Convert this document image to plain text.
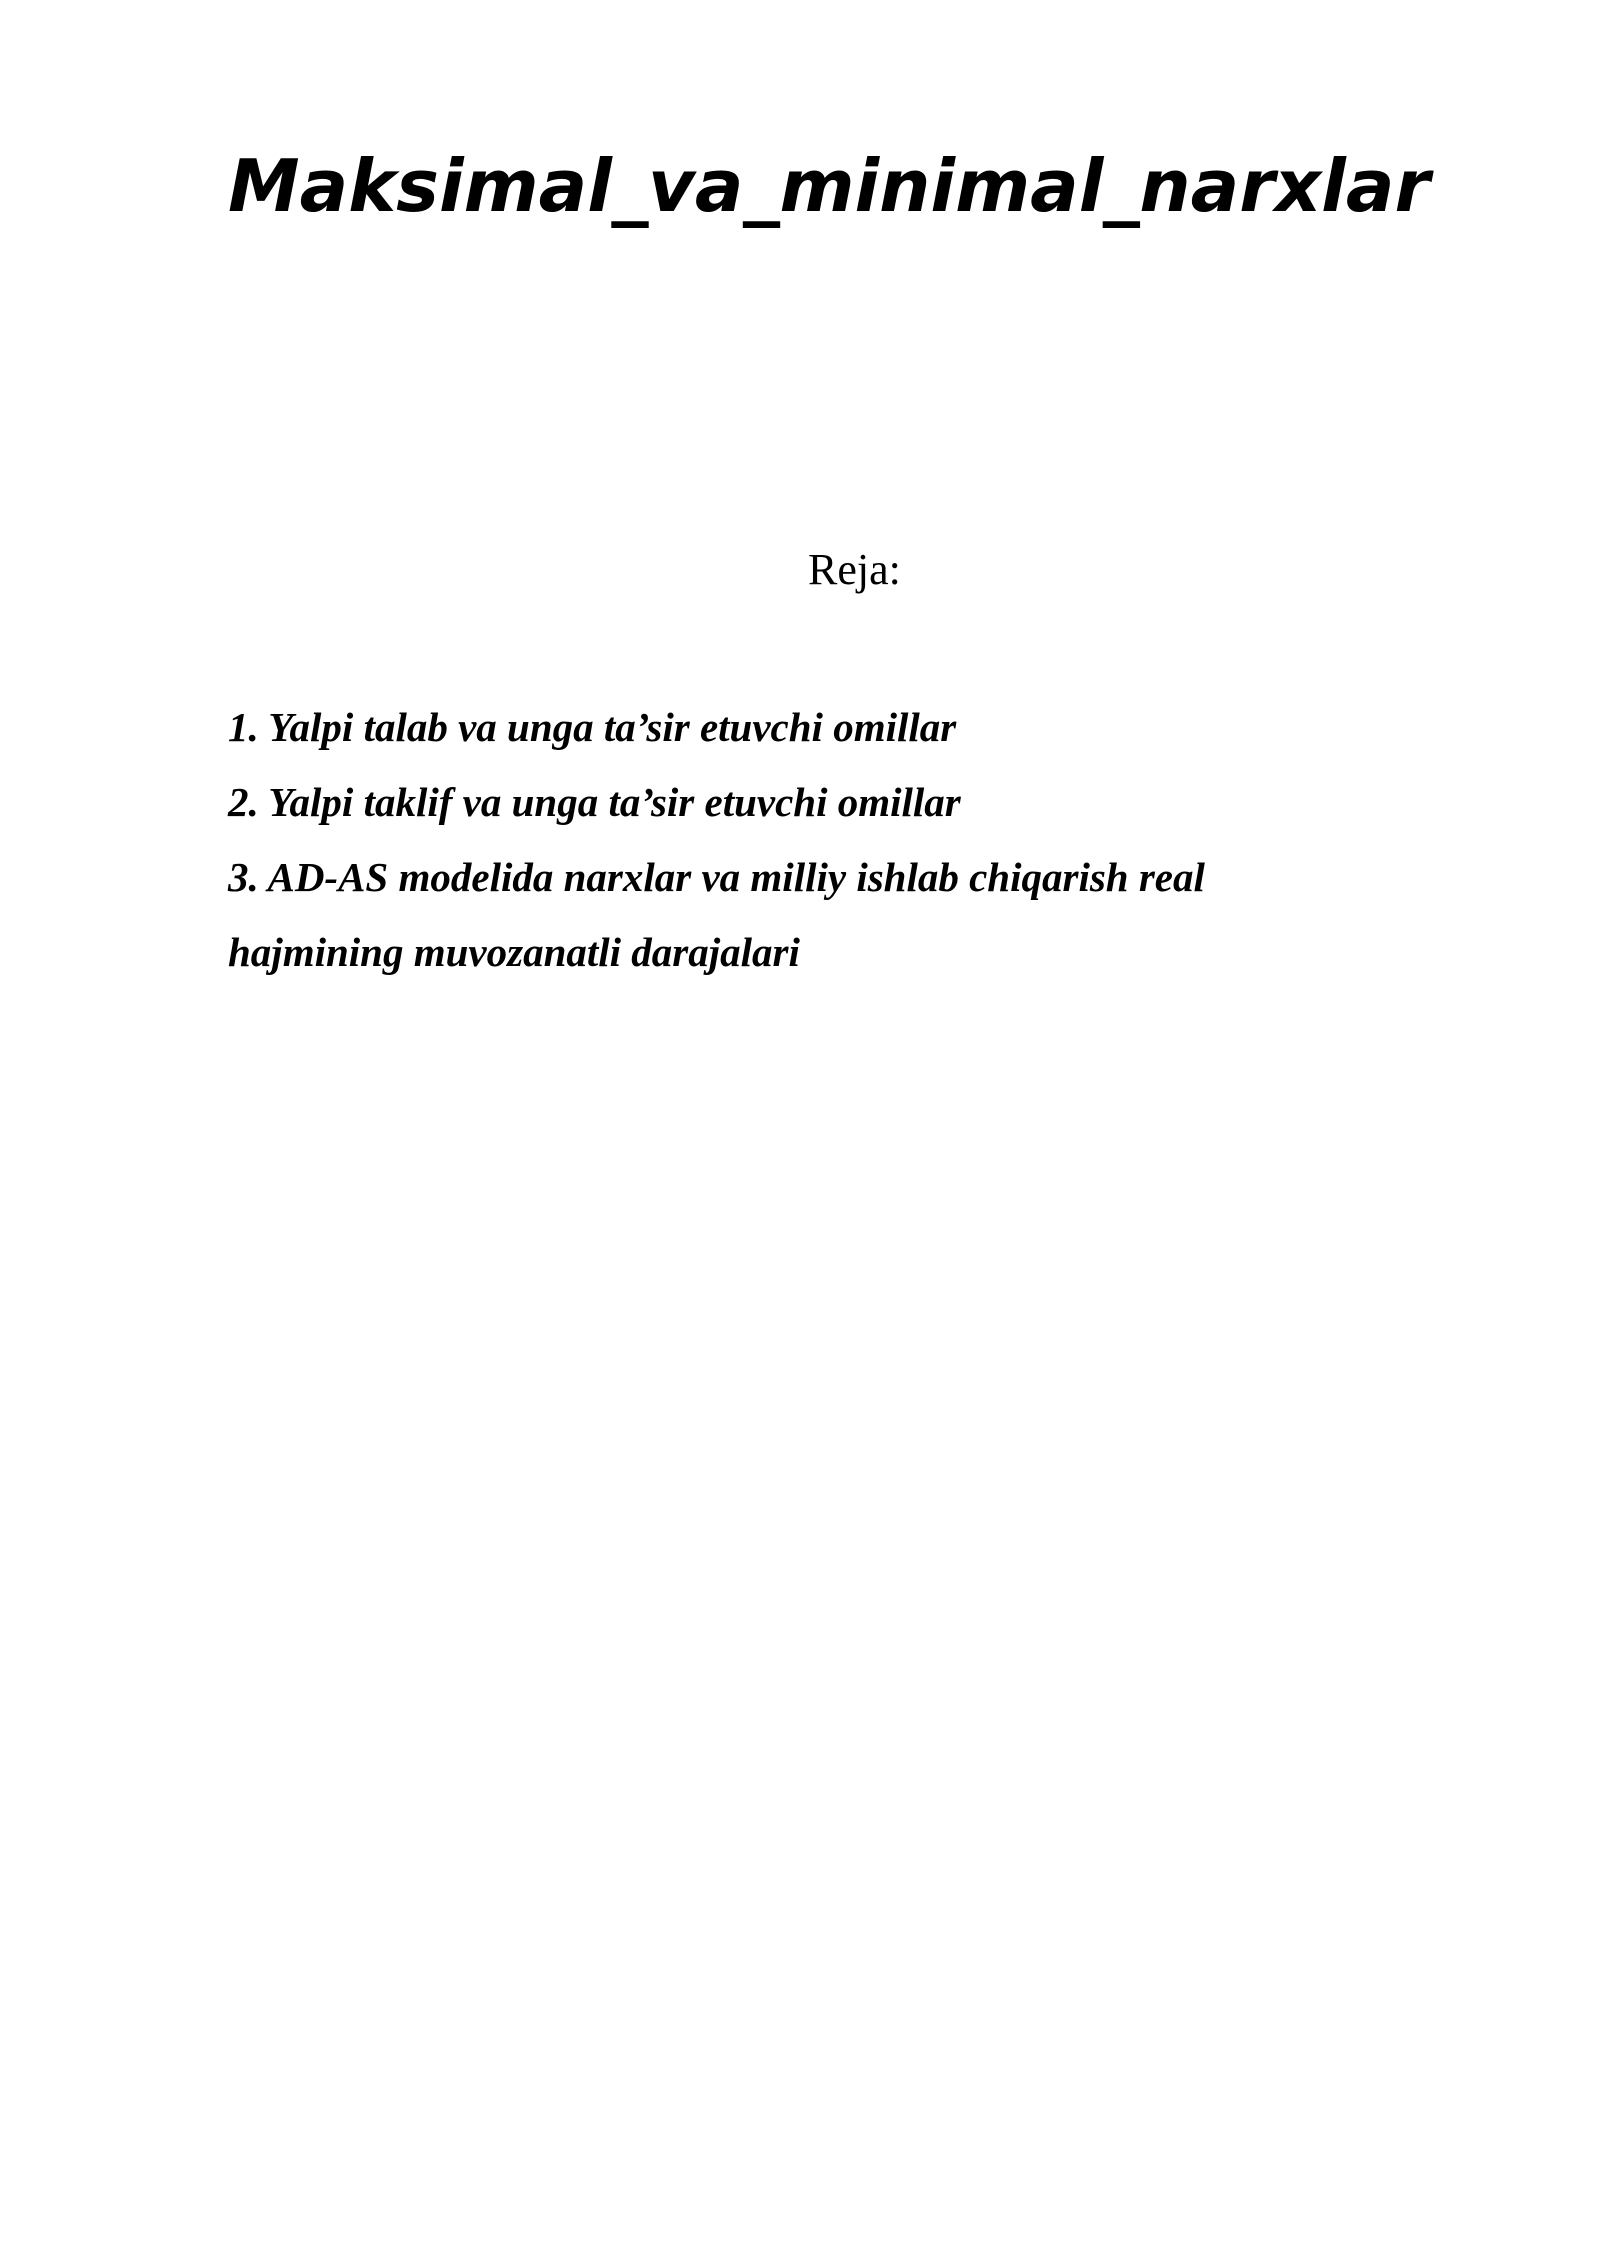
Maksimal_va_minimal_narxlar
Reja:
1. Yalpi talab va unga ta’sir etuvchi omillar
2. Yalpi taklif va unga ta’sir etuvchi omillar
3. AD-AS modelida narxlar va milliy ishlab chiqarish real hajmining muvozanatli darajalari
